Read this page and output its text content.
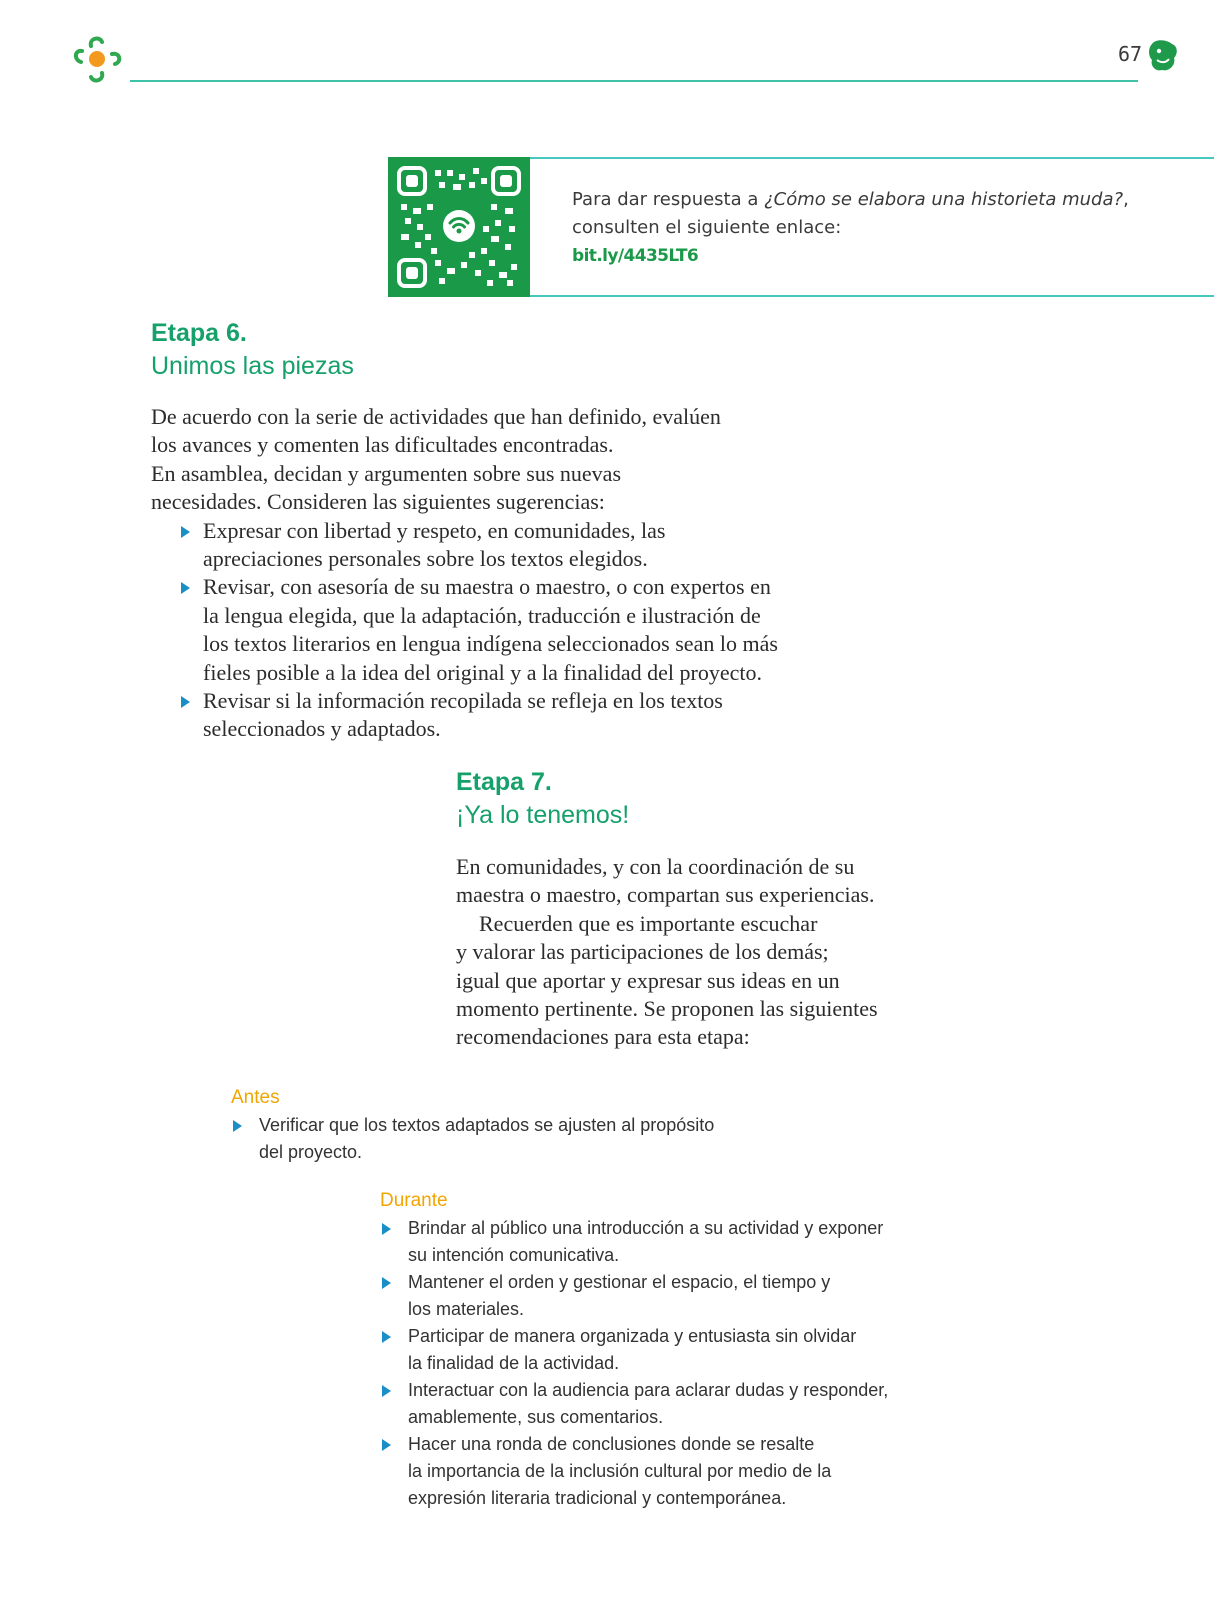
67
Para dar respuesta a ¿Cómo se elabora una historieta muda?,
consulten el siguiente enlace:
bit.ly/4435LT6
Etapa 6.
Unimos las piezas

De acuerdo con la serie de actividades que han definido, evalúen

los avances y comenten las dificultades encontradas.

En asamblea, decidan y argumenten sobre sus nuevas

necesidades. Consideren las siguientes sugerencias:

Expresar con libertad y respeto, en comunidades, las
apreciaciones personales sobre los textos elegidos.
Revisar, con asesoría de su maestra o maestro, o con expertos en
la lengua elegida, que la adaptación, traducción e ilustración de
los textos literarios en lengua indígena seleccionados sean lo más
fieles posible a la idea del original y a la finalidad del proyecto.
Revisar si la información recopilada se refleja en los textos
seleccionados y adaptados.
Etapa 7.
¡Ya lo tenemos!

En comunidades, y con la coordinación de su

maestra o maestro, compartan sus experiencias.

Recuerden que es importante escuchar

y valorar las participaciones de los demás;

igual que aportar y expresar sus ideas en un

momento pertinente. Se proponen las siguientes

recomendaciones para esta etapa:

Antes
Verificar que los textos adaptados se ajusten al propósito
del proyecto.
Durante
Brindar al público una introducción a su actividad y exponer
su intención comunicativa.
Mantener el orden y gestionar el espacio, el tiempo y
los materiales.
Participar de manera organizada y entusiasta sin olvidar
la finalidad de la actividad.
Interactuar con la audiencia para aclarar dudas y responder,
amablemente, sus comentarios.
Hacer una ronda de conclusiones donde se resalte
la importancia de la inclusión cultural por medio de la
expresión literaria tradicional y contemporánea.
